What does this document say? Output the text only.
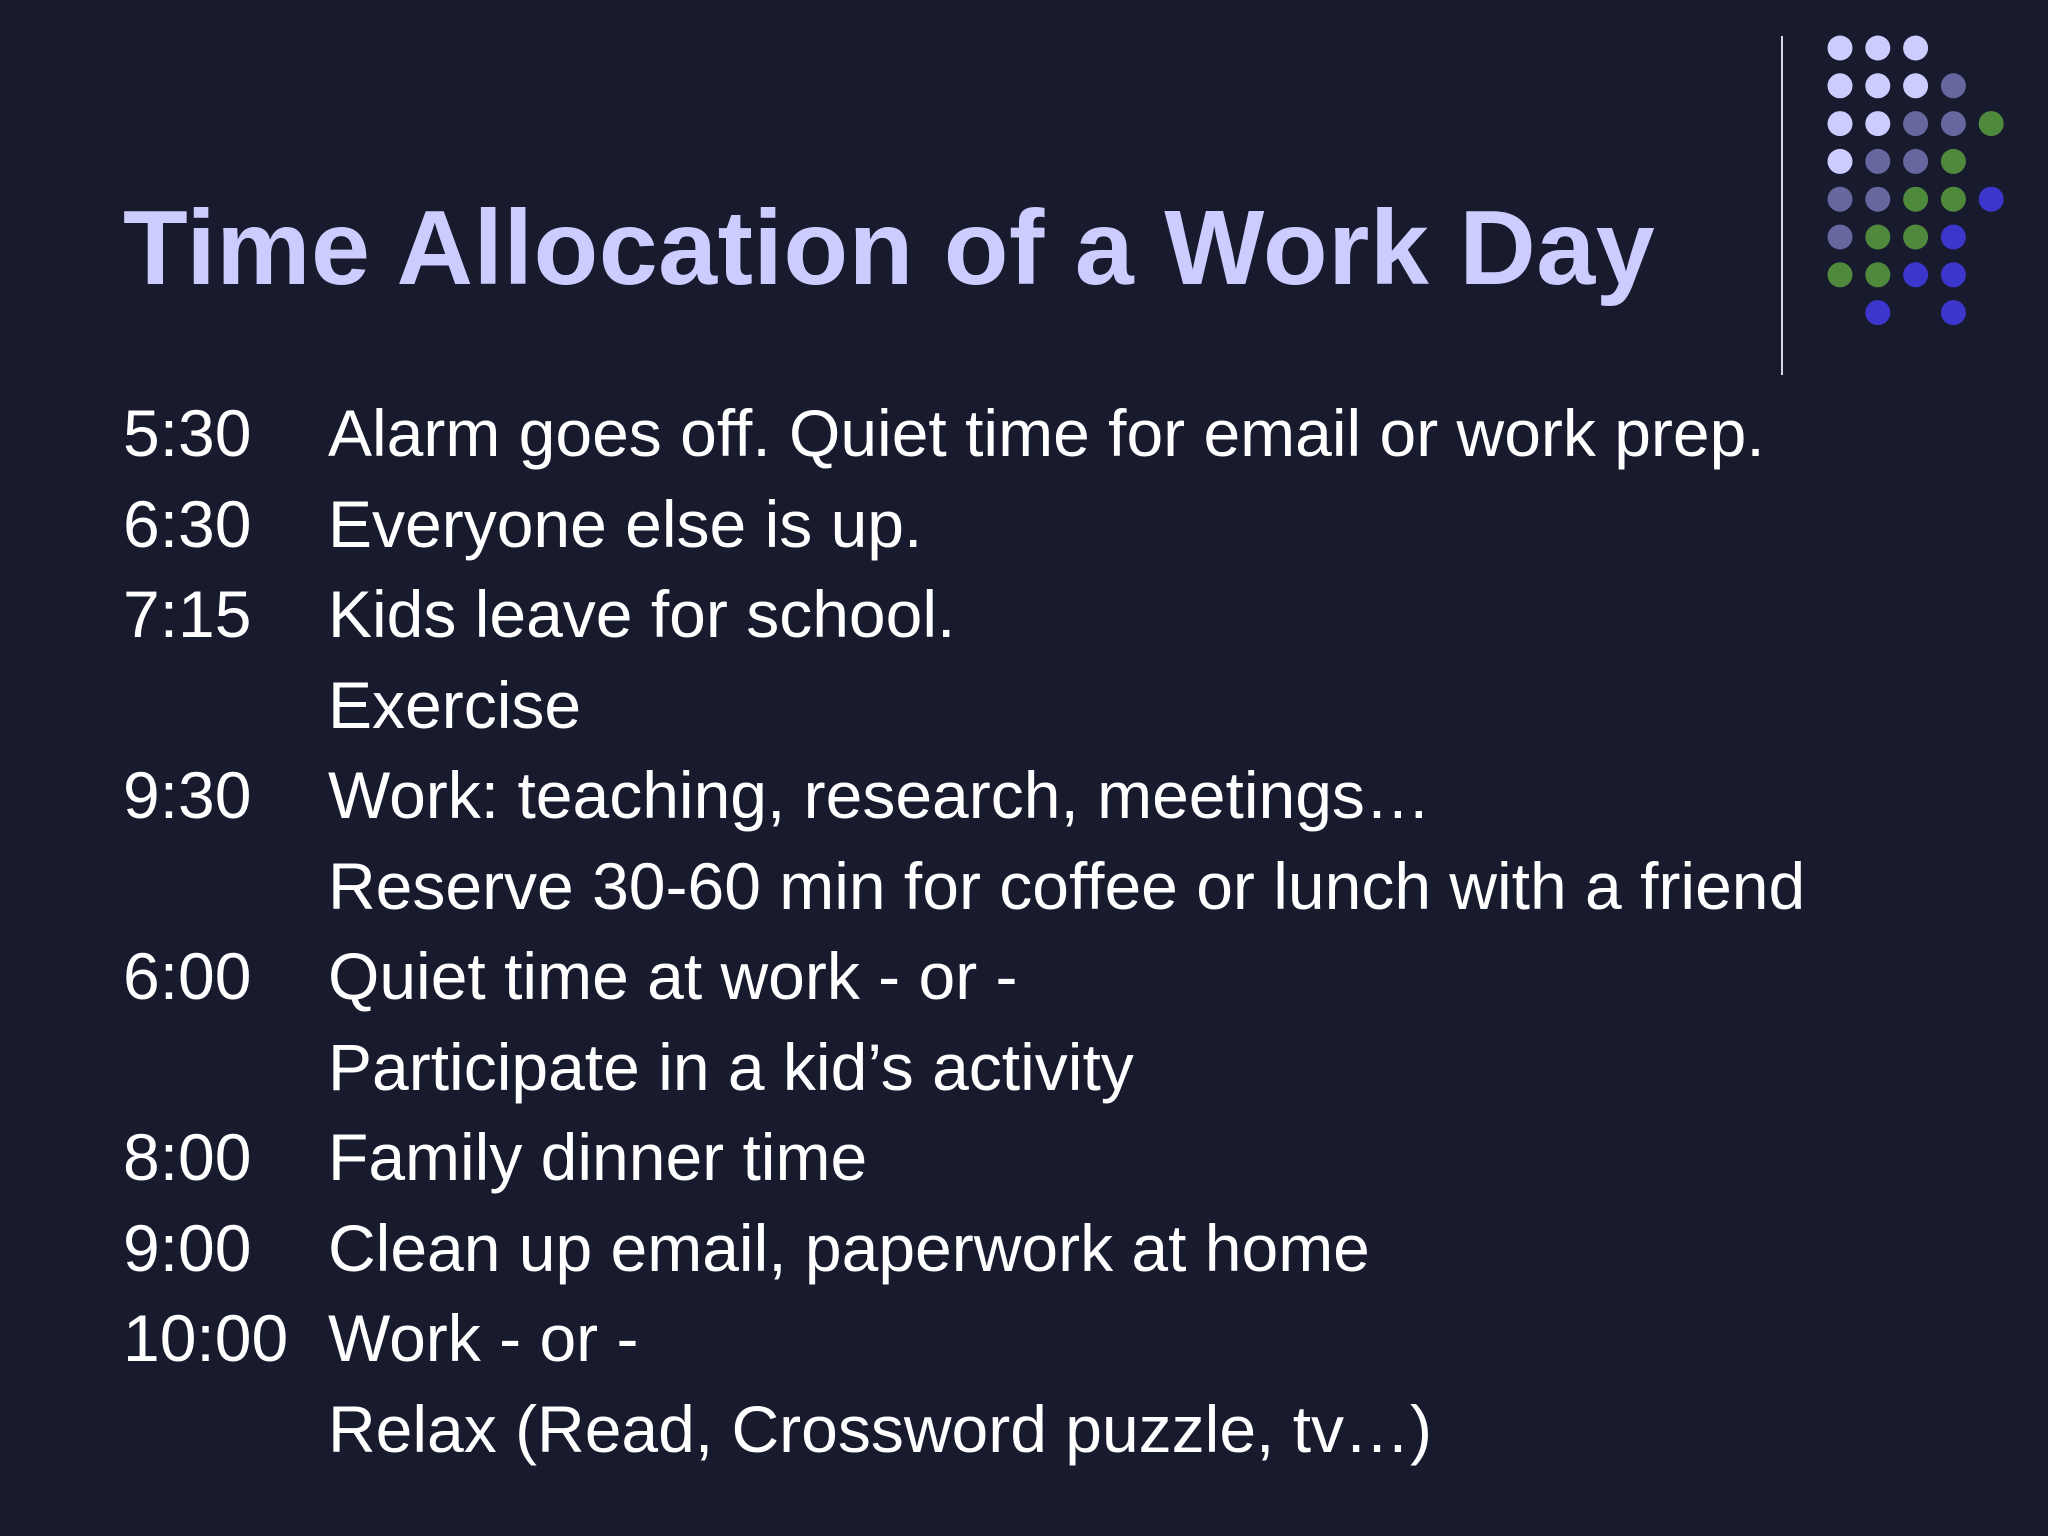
Time Allocation of a Work Day
5:30 Alarm goes off. Quiet time for email or work prep.
6:30 Everyone else is up.
7:15 Kids leave for school.
Exercise
9:30 Work: teaching, research, meetings…
Reserve 30-60 min for coffee or lunch with a friend
6:00 Quiet time at work - or -
Participate in a kid’s activity
8:00 Family dinner time
9:00 Clean up email, paperwork at home
10:00 Work - or -
Relax (Read, Crossword puzzle, tv…)
